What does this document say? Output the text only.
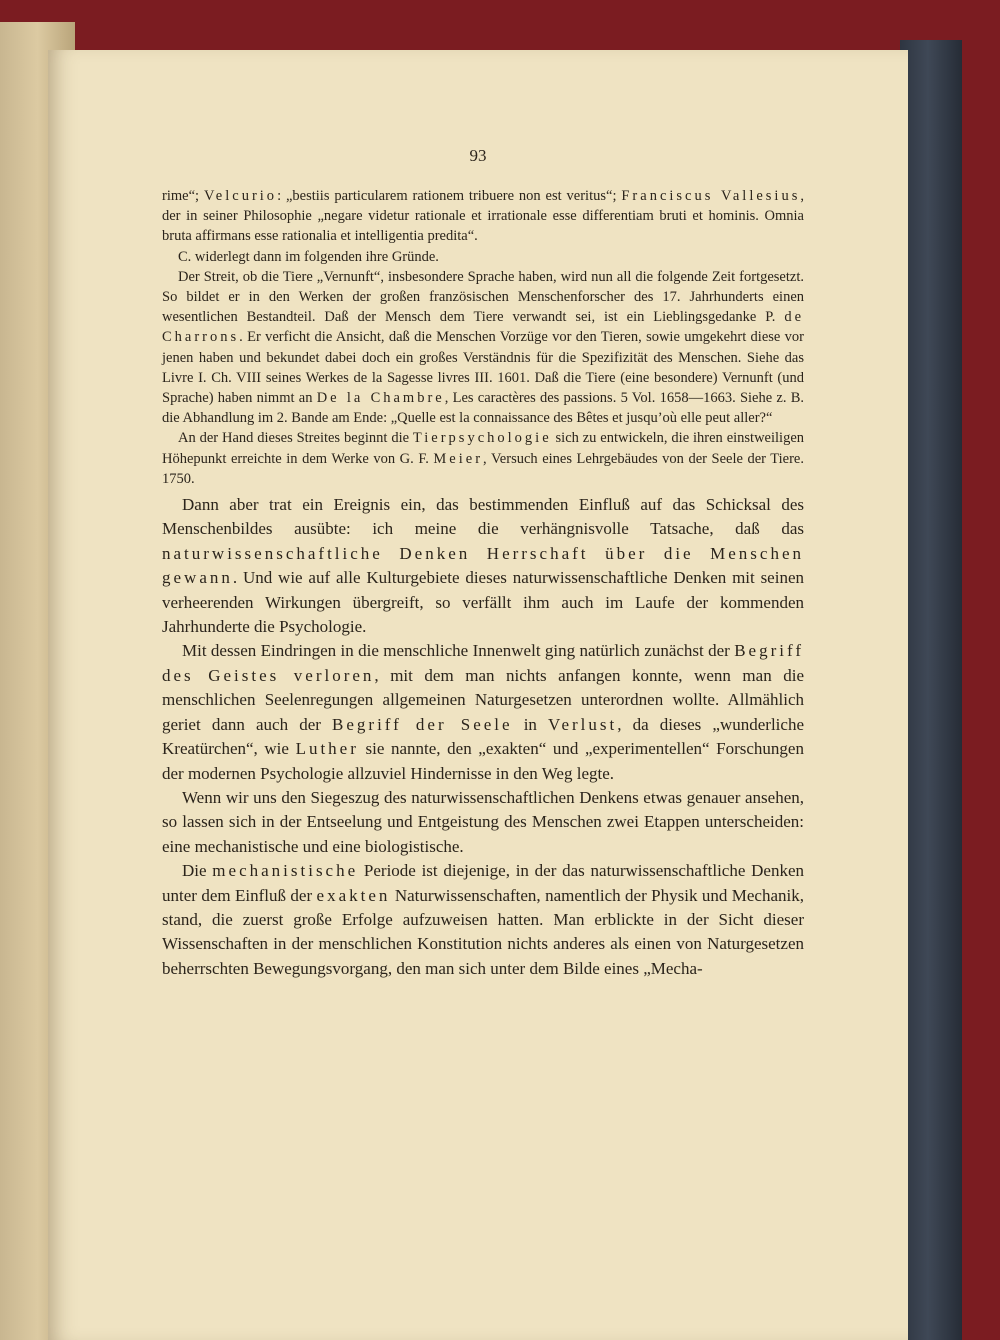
93

rime“; Velcurio: „bestiis particularem rationem tribuere non est veritus“; Franciscus Vallesius, der in seiner Philosophie „negare videtur rationale et irrationale esse differentiam bruti et hominis. Omnia bruta affirmans esse rationalia et intelligentia predita“.

C. widerlegt dann im folgenden ihre Gründe.

Der Streit, ob die Tiere „Vernunft“, insbesondere Sprache haben, wird nun all die folgende Zeit fortgesetzt. So bildet er in den Werken der großen französischen Menschenforscher des 17. Jahrhunderts einen wesentlichen Bestandteil. Daß der Mensch dem Tiere verwandt sei, ist ein Lieblingsgedanke P. de Charrons. Er verficht die Ansicht, daß die Menschen Vorzüge vor den Tieren, sowie umgekehrt diese vor jenen haben und bekundet dabei doch ein großes Verständnis für die Spezifizität des Menschen. Siehe das Livre I. Ch. VIII seines Werkes de la Sagesse livres III. 1601. Daß die Tiere (eine besondere) Vernunft (und Sprache) haben nimmt an De la Chambre, Les caractères des passions. 5 Vol. 1658—1663. Siehe z. B. die Abhandlung im 2. Bande am Ende: „Quelle est la connaissance des Bêtes et jusqu’où elle peut aller?“

An der Hand dieses Streites beginnt die Tierpsychologie sich zu entwickeln, die ihren einstweiligen Höhepunkt erreichte in dem Werke von G. F. Meier, Versuch eines Lehrgebäudes von der Seele der Tiere. 1750.

Dann aber trat ein Ereignis ein, das bestimmenden Einfluß auf das Schicksal des Menschenbildes ausübte: ich meine die verhängnisvolle Tatsache, daß das naturwissenschaftliche Denken Herrschaft über die Menschen gewann. Und wie auf alle Kulturgebiete dieses naturwissenschaftliche Denken mit seinen verheerenden Wirkungen übergreift, so verfällt ihm auch im Laufe der kommenden Jahrhunderte die Psychologie.

Mit dessen Eindringen in die menschliche Innenwelt ging natürlich zunächst der Begriff des Geistes verloren, mit dem man nichts anfangen konnte, wenn man die menschlichen Seelenregungen allgemeinen Naturgesetzen unterordnen wollte. Allmählich geriet dann auch der Begriff der Seele in Verlust, da dieses „wunderliche Kreatürchen“, wie Luther sie nannte, den „exakten“ und „experimentellen“ Forschungen der modernen Psychologie allzuviel Hindernisse in den Weg legte.

Wenn wir uns den Siegeszug des naturwissenschaftlichen Denkens etwas genauer ansehen, so lassen sich in der Entseelung und Entgeistung des Menschen zwei Etappen unterscheiden: eine mechanistische und eine biologistische.

Die mechanistische Periode ist diejenige, in der das naturwissenschaftliche Denken unter dem Einfluß der exakten Naturwissenschaften, namentlich der Physik und Mechanik, stand, die zuerst große Erfolge aufzuweisen hatten. Man erblickte in der Sicht dieser Wissenschaften in der menschlichen Konstitution nichts anderes als einen von Naturgesetzen beherrschten Bewegungsvorgang, den man sich unter dem Bilde eines „Mecha-
